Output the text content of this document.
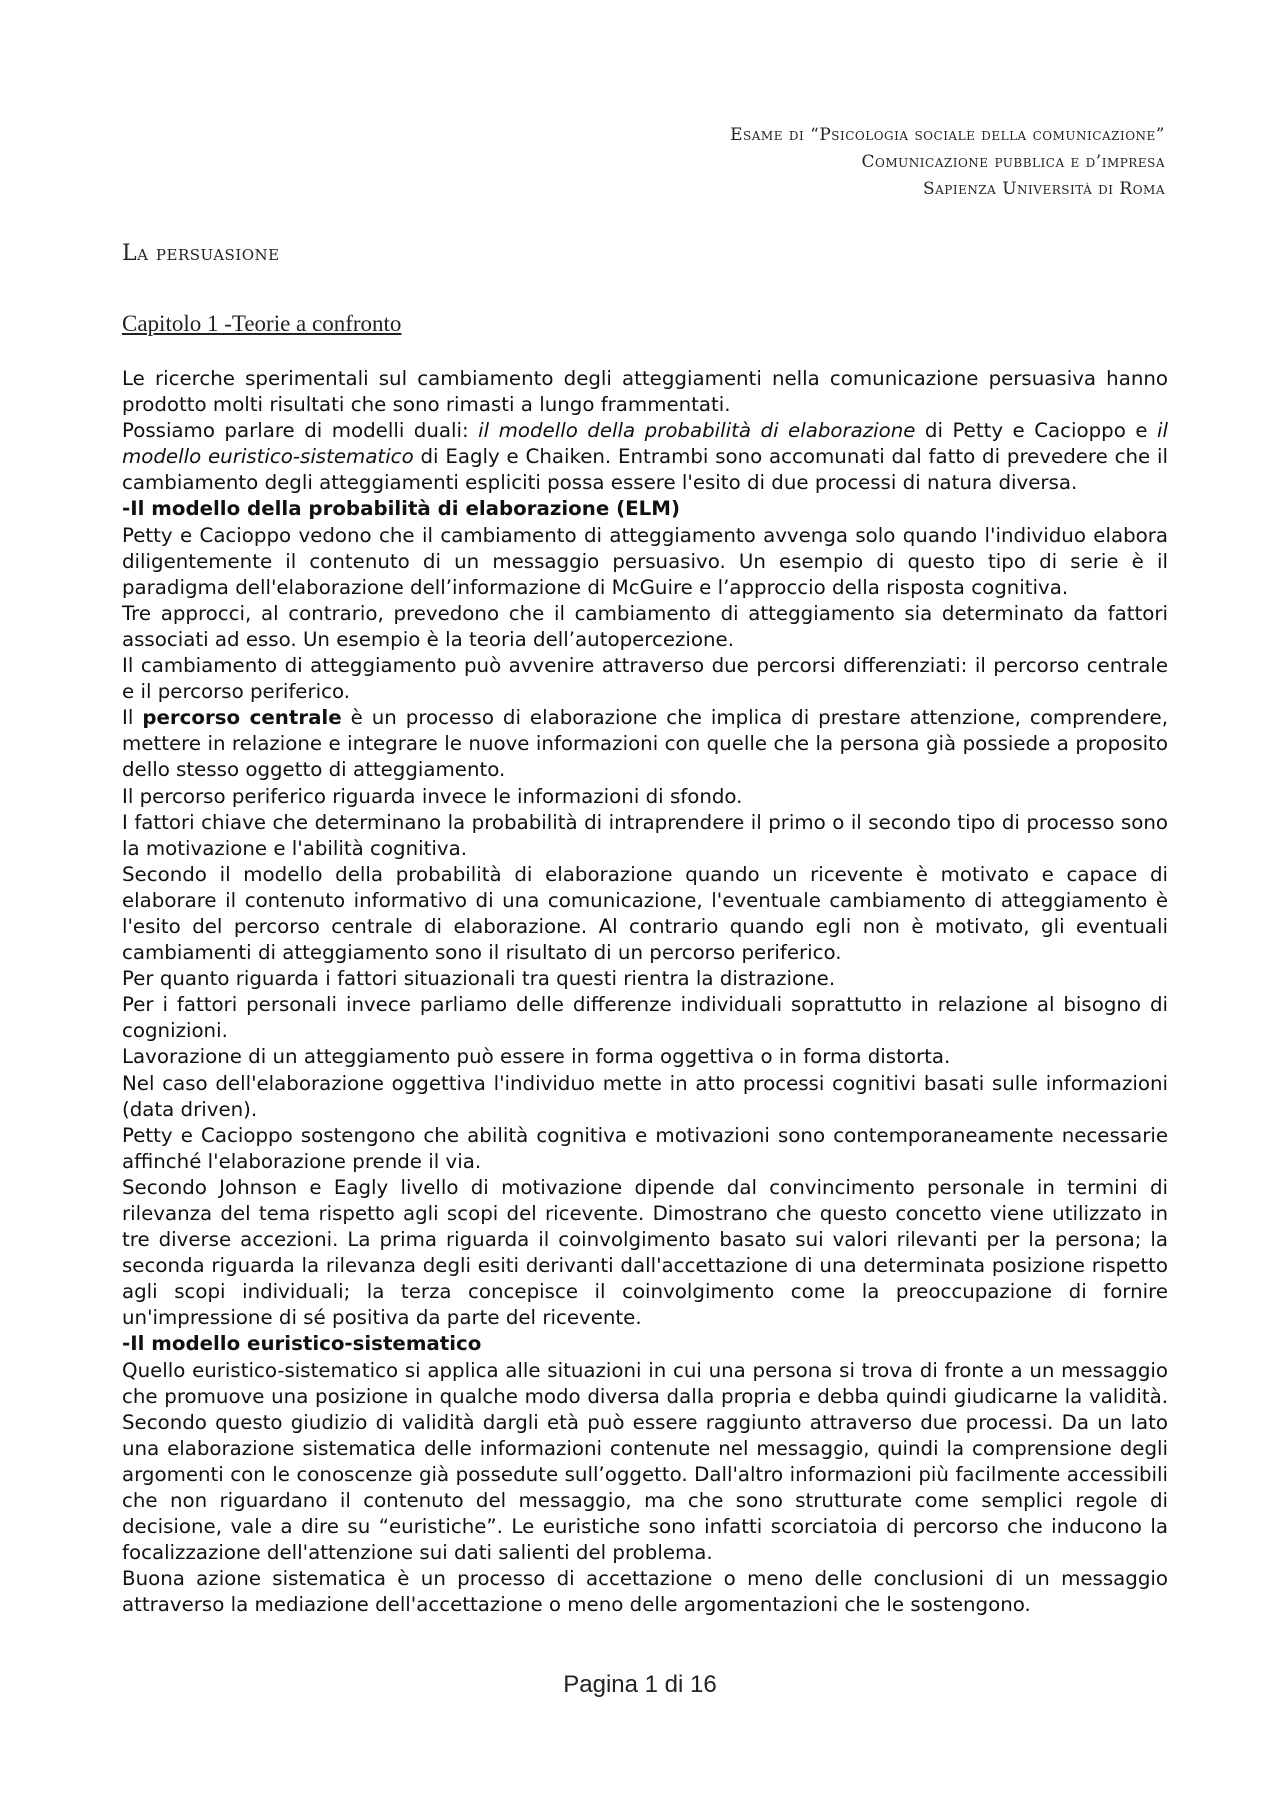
Esame di “Psicologia sociale della comunicazione”
Comunicazione pubblica e d’impresa
Sapienza Università di Roma
La persuasione
Capitolo 1 -Teorie a confronto

Le ricerche sperimentali sul cambiamento degli atteggiamenti nella comunicazione persuasiva hanno prodotto molti risultati che sono rimasti a lungo frammentati.

Possiamo parlare di modelli duali: il modello della probabilità di elaborazione di Petty e Cacioppo e il modello euristico-sistematico di Eagly e Chaiken. Entrambi sono accomunati dal fatto di prevedere che il cambiamento degli atteggiamenti espliciti possa essere l'esito di due processi di natura diversa.

-Il modello della probabilità di elaborazione (ELM)

Petty e Cacioppo vedono che il cambiamento di atteggiamento avvenga solo quando l'individuo elabora diligentemente il contenuto di un messaggio persuasivo. Un esempio di questo tipo di serie è il paradigma dell'elaborazione dell’informazione di McGuire e l’approccio della risposta cognitiva.

Tre approcci, al contrario, prevedono che il cambiamento di atteggiamento sia determinato da fattori associati ad esso. Un esempio è la teoria dell’autopercezione.

Il cambiamento di atteggiamento può avvenire attraverso due percorsi differenziati: il percorso centrale e il percorso periferico.

Il percorso centrale è un processo di elaborazione che implica di prestare attenzione, comprendere, mettere in relazione e integrare le nuove informazioni con quelle che la persona già possiede a proposito dello stesso oggetto di atteggiamento.

Il percorso periferico riguarda invece le informazioni di sfondo.

I fattori chiave che determinano la probabilità di intraprendere il primo o il secondo tipo di processo sono la motivazione e l'abilità cognitiva.

Secondo il modello della probabilità di elaborazione quando un ricevente è motivato e capace di elaborare il contenuto informativo di una comunicazione, l'eventuale cambiamento di atteggiamento è l'esito del percorso centrale di elaborazione. Al contrario quando egli non è motivato, gli eventuali cambiamenti di atteggiamento sono il risultato di un percorso periferico.

Per quanto riguarda i fattori situazionali tra questi rientra la distrazione.

Per i fattori personali invece parliamo delle differenze individuali soprattutto in relazione al bisogno di cognizioni.

Lavorazione di un atteggiamento può essere in forma oggettiva o in forma distorta.

Nel caso dell'elaborazione oggettiva l'individuo mette in atto processi cognitivi basati sulle informazioni (data driven).

Petty e Cacioppo sostengono che abilità cognitiva e motivazioni sono contemporaneamente necessarie affinché l'elaborazione prende il via.

Secondo Johnson e Eagly livello di motivazione dipende dal convincimento personale in termini di rilevanza del tema rispetto agli scopi del ricevente. Dimostrano che questo concetto viene utilizzato in tre diverse accezioni. La prima riguarda il coinvolgimento basato sui valori rilevanti per la persona; la seconda riguarda la rilevanza degli esiti derivanti dall'accettazione di una determinata posizione rispetto agli scopi individuali; la terza concepisce il coinvolgimento come la preoccupazione di fornire un'impressione di sé positiva da parte del ricevente.

-Il modello euristico-sistematico

Quello euristico-sistematico si applica alle situazioni in cui una persona si trova di fronte a un messaggio che promuove una posizione in qualche modo diversa dalla propria e debba quindi giudicarne la validità. Secondo questo giudizio di validità dargli età può essere raggiunto attraverso due processi. Da un lato una elaborazione sistematica delle informazioni contenute nel messaggio, quindi la comprensione degli argomenti con le conoscenze già possedute sull’oggetto. Dall'altro informazioni più facilmente accessibili che non riguardano il contenuto del messaggio, ma che sono strutturate come semplici regole di decisione, vale a dire su “euristiche”. Le euristiche sono infatti scorciatoia di percorso che inducono la focalizzazione dell'attenzione sui dati salienti del problema.

Buona azione sistematica è un processo di accettazione o meno delle conclusioni di un messaggio attraverso la mediazione dell'accettazione o meno delle argomentazioni che le sostengono.

Pagina 1 di 16
